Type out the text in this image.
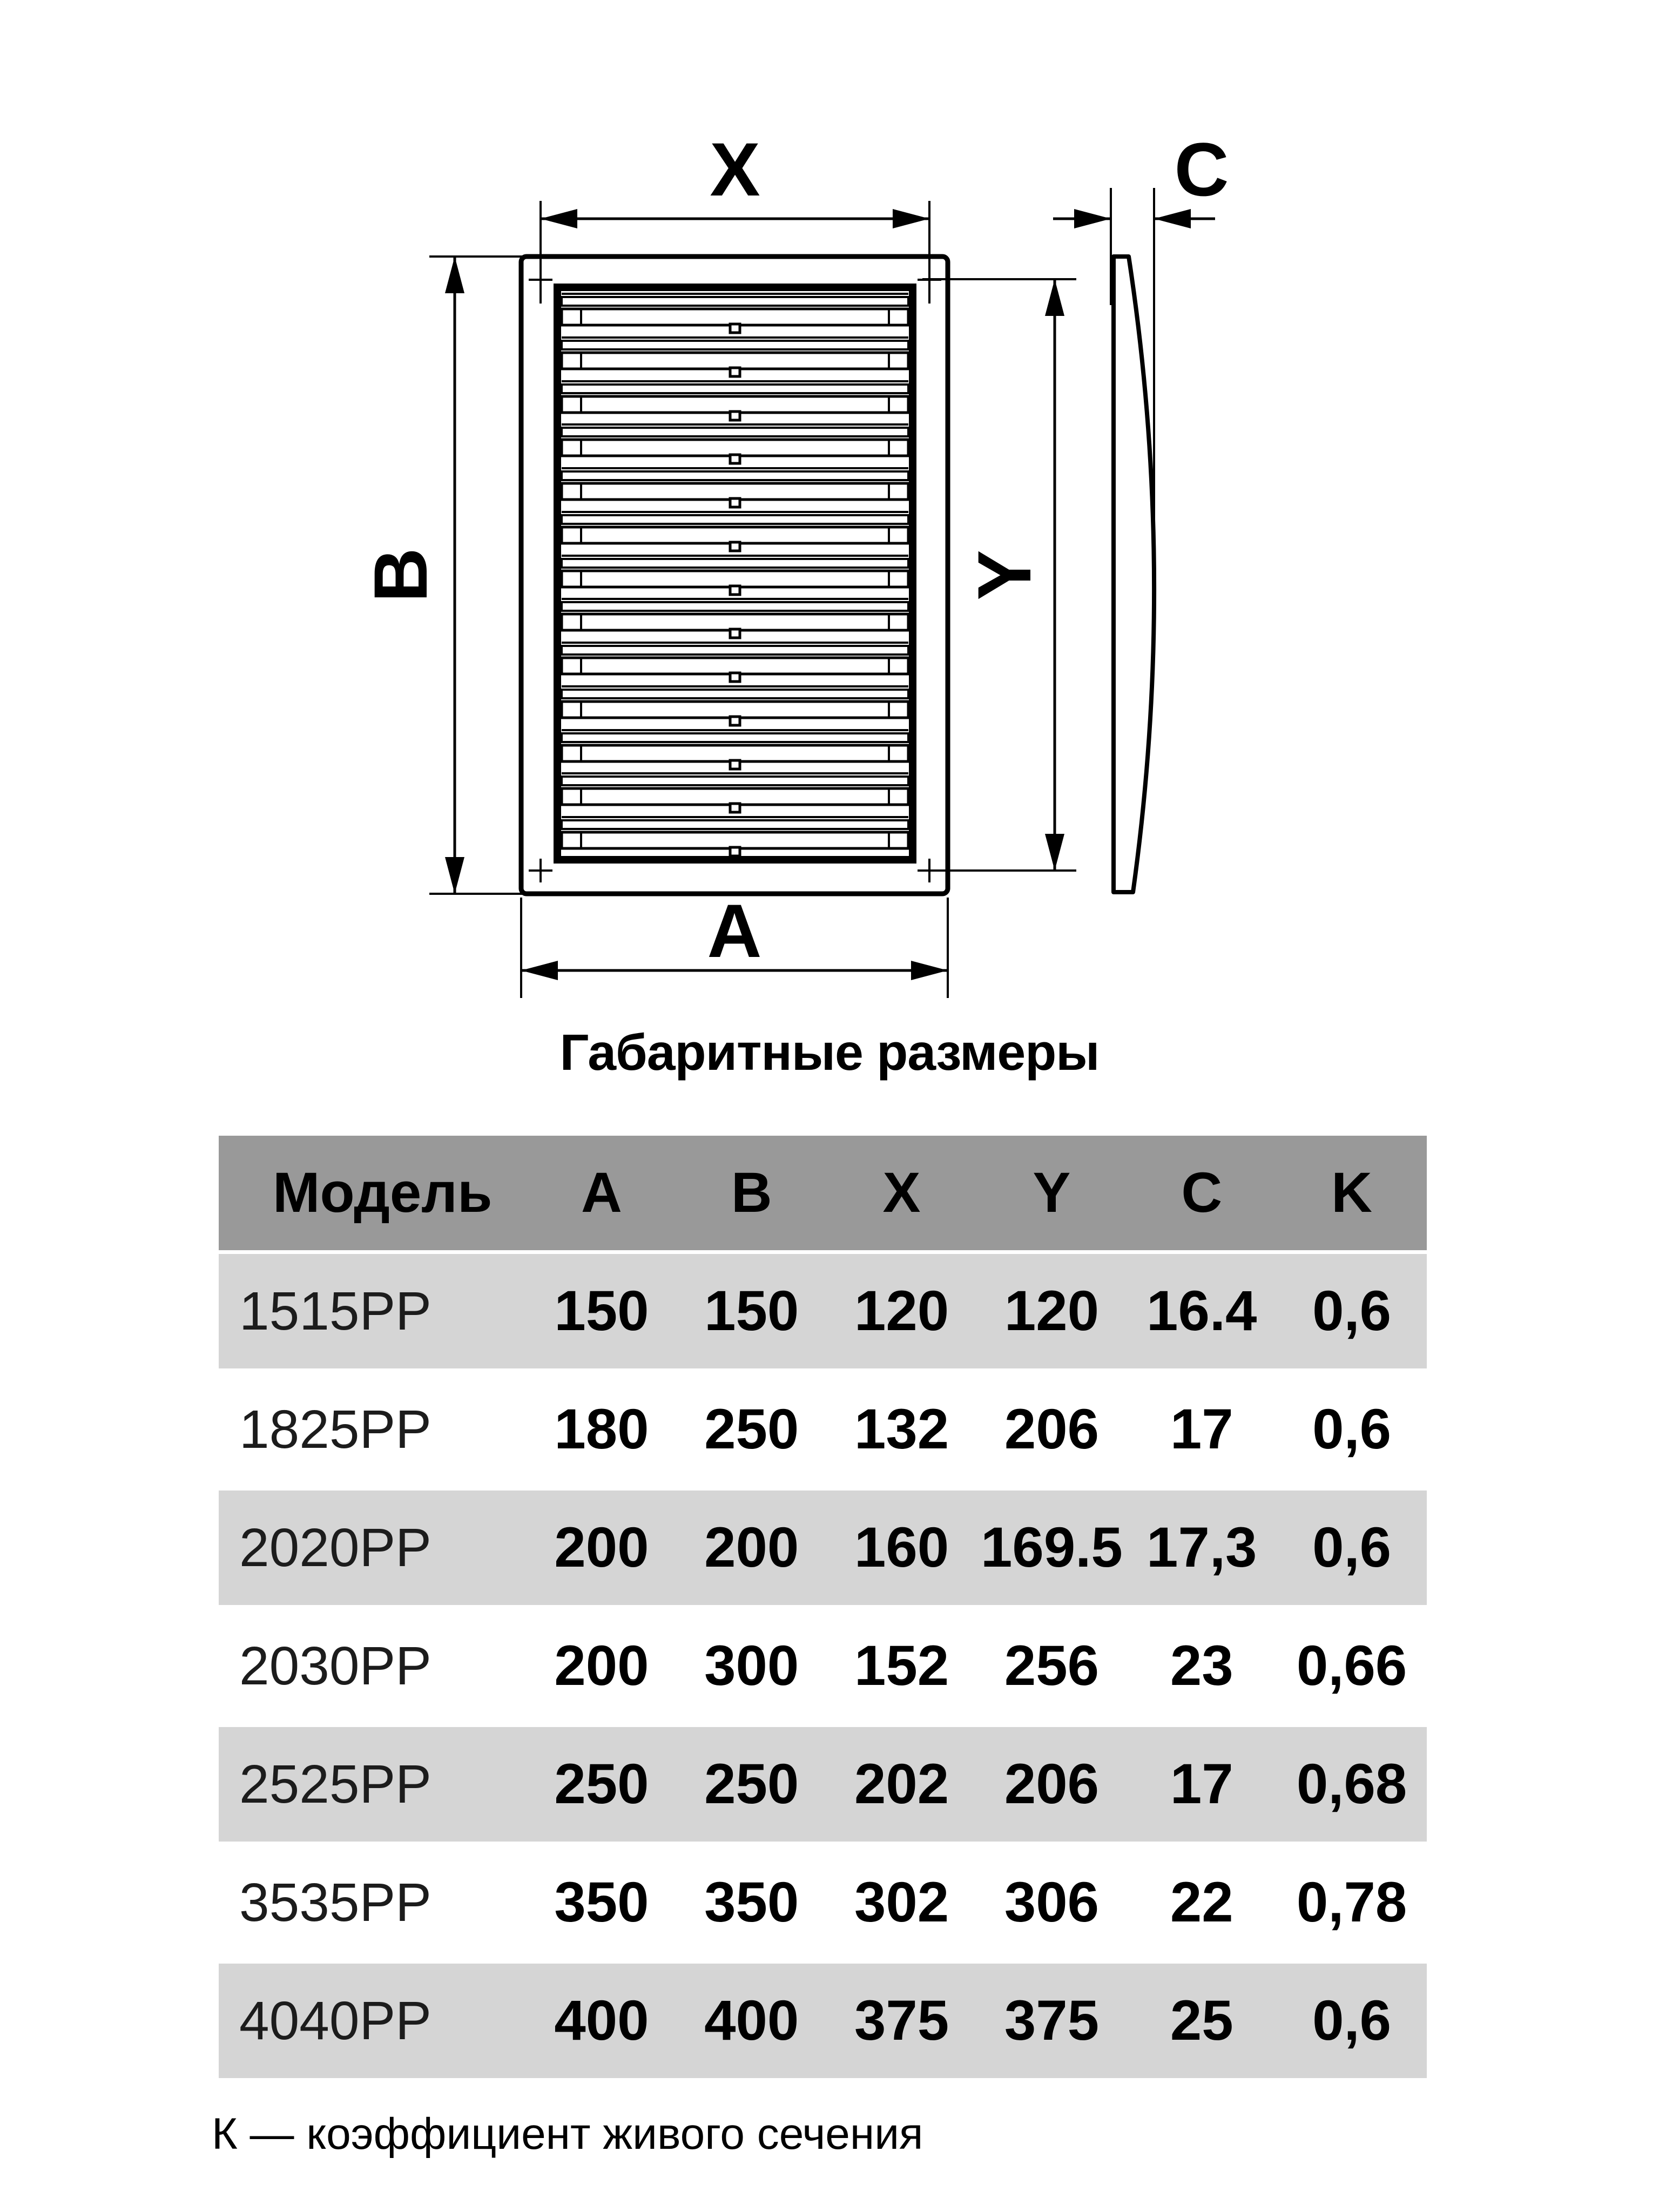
X
A
B	Y
C
Габаритные размеры
Модель	A	B	X	Y	C	K
1515РР	150 150 120 120 16.4 0,6
1825РР	180 250 132 206	17	0,6
2020РР	200 200 160 169.5 17,3 0,6
2030РР	200 300 152 256	23	0,66
2525РР	250 250 202 206	17	0,68
3535РР	350 350 302 306	22	0,78
4040РР	400 400 375 375	25	0,6
К — коэффициент живого сечения
